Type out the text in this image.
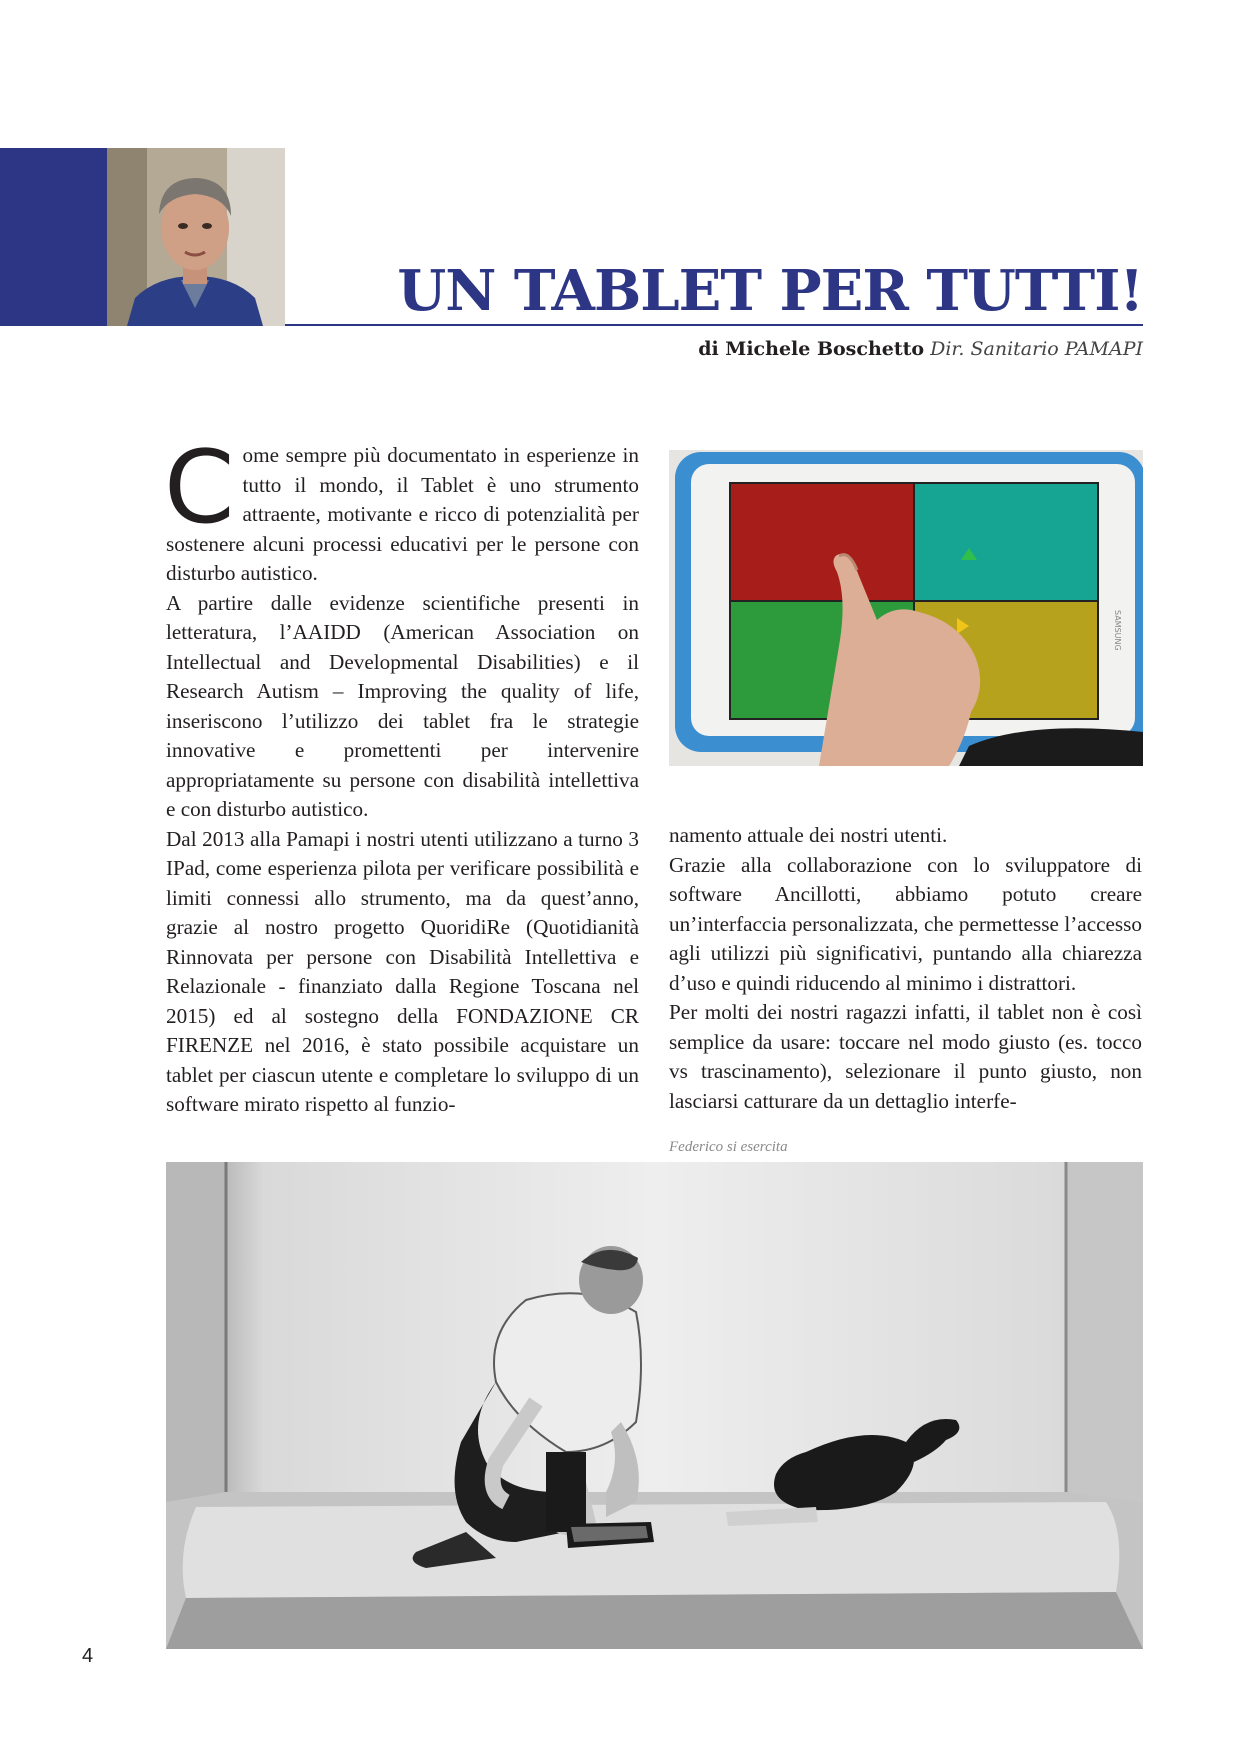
UN TABLET PER TUTTI!
di Michele Boschetto Dir. Sanitario PAMAPI

Come sempre più documentato in esperienze in tutto il mondo, il Tablet è uno strumento attraente, motivante e ricco di potenzialità per sostenere alcuni processi educativi per le persone con disturbo autistico.

A partire dalle evidenze scientifiche presenti in letteratura, l’AAIDD (American Association on Intellectual and Developmental Disabilities) e il Research Autism – Improving the quality of life, inseriscono l’utilizzo dei tablet fra le strategie innovative e promettenti per intervenire appropriatamente su persone con disabilità intellettiva e con disturbo autistico.

Dal 2013 alla Pamapi i nostri utenti utilizzano a turno 3 IPad, come esperienza pilota per verificare possibilità e limiti connessi allo strumento, ma da quest’anno, grazie al nostro progetto QuoridiRe (Quotidianità Rinnovata per persone con Disabilità Intellettiva e Relazionale - finanziato dalla Regione Toscana nel 2015) ed al sostegno della FONDAZIONE CR FIRENZE nel 2016, è stato possibile acquistare un tablet per ciascun utente e completare lo sviluppo di un software mirato rispetto al funzio-

SAMSUNG

namento attuale dei nostri utenti.

Grazie alla collaborazione con lo sviluppatore di software Ancillotti, abbiamo potuto creare un’interfaccia personalizzata, che permettesse l’accesso agli utilizzi più significativi, puntando alla chiarezza d’uso e quindi riducendo al minimo i distrattori.

Per molti dei nostri ragazzi infatti, il tablet non è così semplice da usare: toccare nel modo giusto (es. tocco vs trascinamento), selezionare il punto giusto, non lasciarsi catturare da un dettaglio interfe-

Federico si esercita
4
